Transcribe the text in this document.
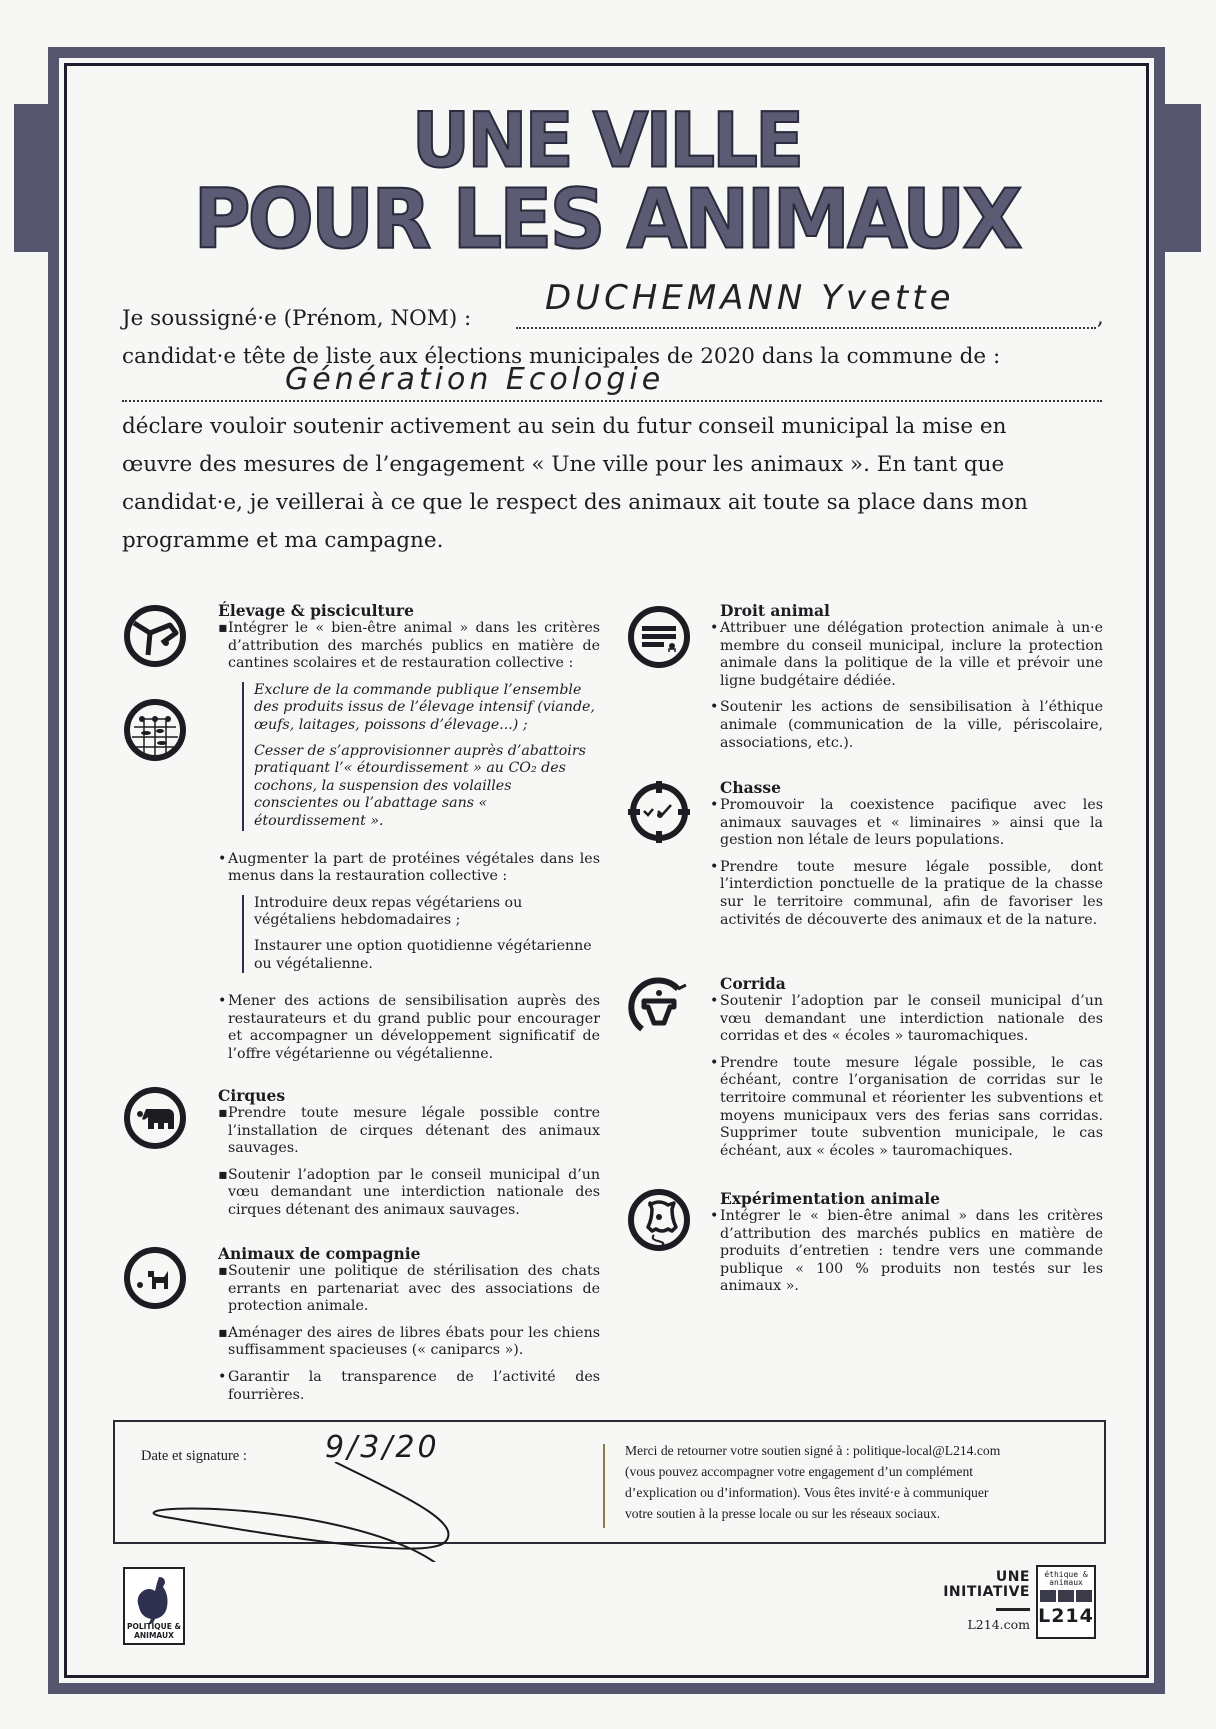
UNE VILLE
POUR LES ANIMAUX
Je soussigné·e (Prénom, NOM) :	,
DUCHEMANN Yvette
candidat·e tête de liste aux élections municipales de 2020 dans la commune de :
Génération Ecologie
déclare vouloir soutenir activement au sein du futur conseil municipal la mise en
œuvre des mesures de l’engagement « Une ville pour les animaux ». En tant que
candidat·e, je veillerai à ce que le respect des animaux ait toute sa place dans mon
programme et ma campagne.
Élevage & pisciculture
▪ Intégrer le « bien-être animal » dans les critères d’attribution des marchés publics en matière de cantines scolaires et de restauration collective :

Exclure de la commande publique l’ensemble des produits issus de l’élevage intensif (viande, œufs, laitages, poissons d’élevage...) ;

Cesser de s’approvisionner auprès d’abattoirs pratiquant l’« étourdissement » au CO₂ des cochons, la suspension des volailles conscientes ou l’abattage sans « étourdissement ».

• Augmenter la part de protéines végétales dans les menus dans la restauration collective :

Introduire deux repas végétariens ou végétaliens hebdomadaires ;

Instaurer une option quotidienne végétarienne ou végétalienne.

• Mener des actions de sensibilisation auprès des restaurateurs et du grand public pour encourager et accompagner un développement significatif de l’offre végétarienne ou végétalienne.
Cirques
▪ Prendre toute mesure légale possible contre l’installation de cirques détenant des animaux sauvages.
▪ Soutenir l’adoption par le conseil municipal d’un vœu demandant une interdiction nationale des cirques détenant des animaux sauvages.
Animaux de compagnie
▪ Soutenir une politique de stérilisation des chats errants en partenariat avec des associations de protection animale.
▪ Aménager des aires de libres ébats pour les chiens suffisamment spacieuses (« caniparcs »).
• Garantir la transparence de l’activité des fourrières.
Droit animal
• Attribuer une délégation protection animale à un·e membre du conseil municipal, inclure la protection animale dans la politique de la ville et prévoir une ligne budgétaire dédiée.
• Soutenir les actions de sensibilisation à l’éthique animale (communication de la ville, périscolaire, associations, etc.).
Chasse
• Promouvoir la coexistence pacifique avec les animaux sauvages et « liminaires » ainsi que la gestion non létale de leurs populations.
• Prendre toute mesure légale possible, dont l’interdiction ponctuelle de la pratique de la chasse sur le territoire communal, afin de favoriser les activités de découverte des animaux et de la nature.
Corrida
• Soutenir l’adoption par le conseil municipal d’un vœu demandant une interdiction nationale des corridas et des « écoles » tauromachiques.
• Prendre toute mesure légale possible, le cas échéant, contre l’organisation de corridas sur le territoire communal et réorienter les subventions et moyens municipaux vers des ferias sans corridas. Supprimer toute subvention municipale, le cas échéant, aux « écoles » tauromachiques.
Expérimentation animale
• Intégrer le « bien-être animal » dans les critères d’attribution des marchés publics en matière de produits d’entretien : tendre vers une commande publique « 100 % produits non testés sur les animaux ».
Date et signature :	9/3/20	Merci de retourner votre soutien signé à : politique-local@L214.com
(vous pouvez accompagner votre engagement d’un complément
d’explication ou d’information). Vous êtes invité·e à communiquer
votre soutien à la presse locale ou sur les réseaux sociaux.
POLITIQUE & ANIMAUX
UNE
INITIATIVE
L214.com
éthique & animaux
L214
